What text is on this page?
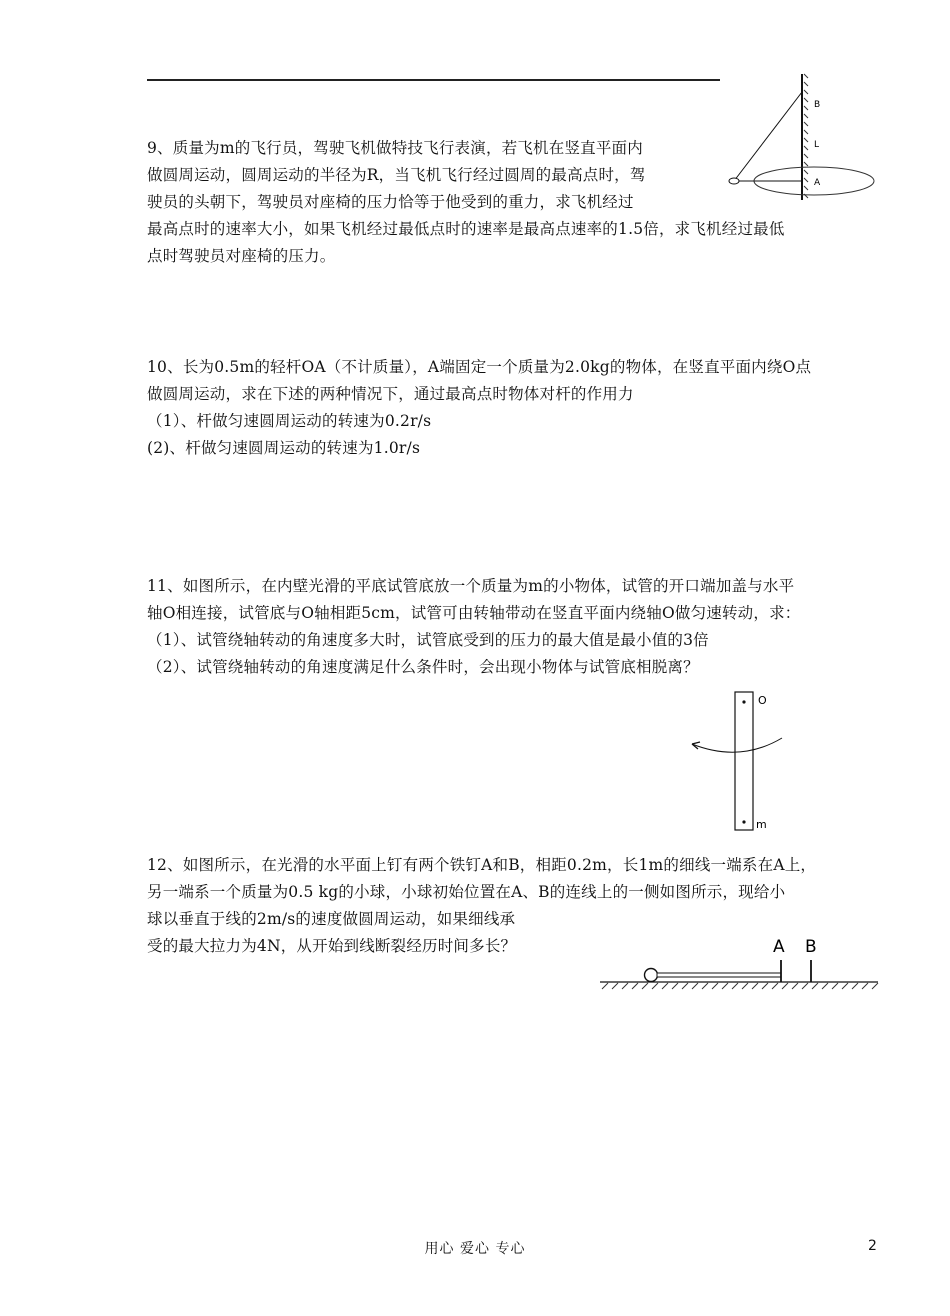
9、质量为m的飞行员，驾驶飞机做特技飞行表演，若飞机在竖直平面内
做圆周运动，圆周运动的半径为R，当飞机飞行经过圆周的最高点时，驾
驶员的头朝下，驾驶员对座椅的压力恰等于他受到的重力，求飞机经过
最高点时的速率大小，如果飞机经过最低点时的速率是最高点速率的1.5倍，求飞机经过最低
点时驾驶员对座椅的压力。
B
L
A
10、长为0.5m的轻杆OA（不计质量），A端固定一个质量为2.0kg的物体，在竖直平面内绕O点
做圆周运动，求在下述的两种情况下，通过最高点时物体对杆的作用力
（1）、杆做匀速圆周运动的转速为0.2r/s
(2)、杆做匀速圆周运动的转速为1.0r/s
11、如图所示，在内壁光滑的平底试管底放一个质量为m的小物体，试管的开口端加盖与水平
轴O相连接，试管底与O轴相距5cm，试管可由转轴带动在竖直平面内绕轴O做匀速转动，求：
（1）、试管绕轴转动的角速度多大时，试管底受到的压力的最大值是最小值的3倍
（2）、试管绕轴转动的角速度满足什么条件时，会出现小物体与试管底相脱离？
O
m
12、如图所示，在光滑的水平面上钉有两个铁钉A和B，相距0.2m，长1m的细线一端系在A上，
另一端系一个质量为0.5 kg的小球，小球初始位置在A、B的连线上的一侧如图所示，现给小
球以垂直于线的2m/s的速度做圆周运动，如果细线承
受的最大拉力为4N，从开始到线断裂经历时间多长？	A B
用心 爱心 专心	2
